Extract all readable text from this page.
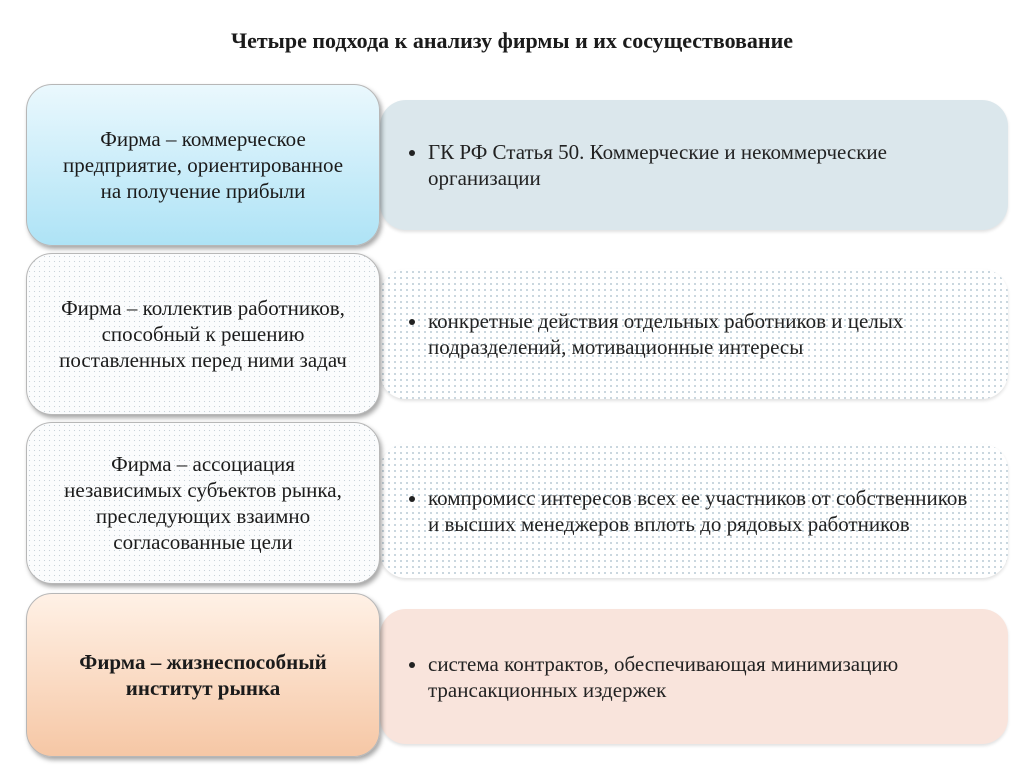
Четыре подхода к анализу фирмы и их сосуществование
• ГК РФ Статья 50. Коммерческие и некоммерческие организации
Фирма – коммерческое предприятие, ориентированное на получение прибыли
• конкретные действия отдельных работников и целых подразделений, мотивационные интересы
Фирма – коллектив работников, способный к решению поставленных перед ними задач
• компромисс интересов всех ее участников от собственников и высших менеджеров вплоть до рядовых работников
Фирма – ассоциация независимых субъектов рынка, преследующих взаимно согласованные цели
• система контрактов, обеспечивающая минимизацию трансакционных издержек
Фирма – жизнеспособный институт рынка
